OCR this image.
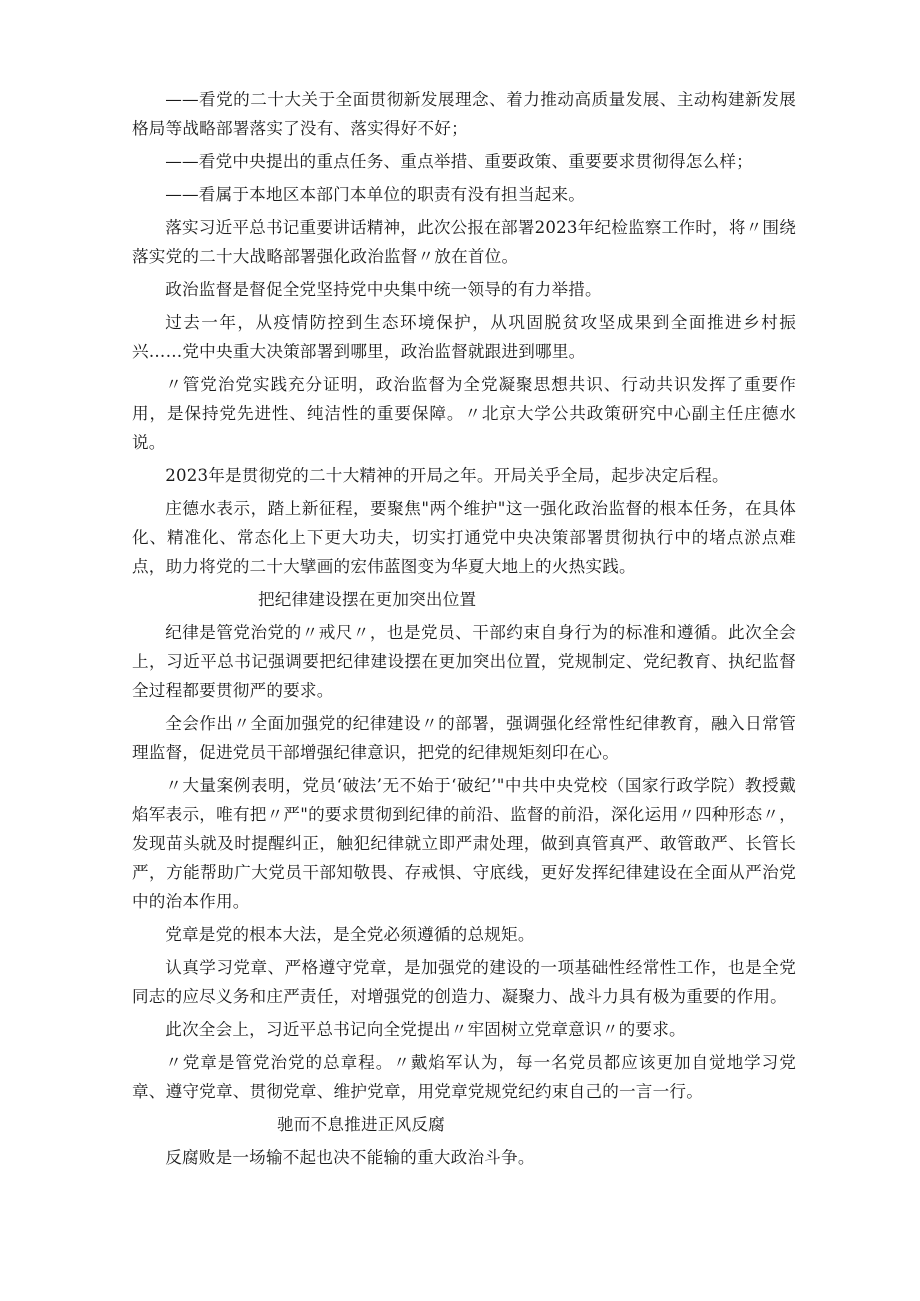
——看党的二十大关于全面贯彻新发展理念、着力推动高质量发展、主动构建新发展格局等战略部署落实了没有、落实得好不好；

——看党中央提出的重点任务、重点举措、重要政策、重要要求贯彻得怎么样；

——看属于本地区本部门本单位的职责有没有担当起来。

落实习近平总书记重要讲话精神，此次公报在部署2023年纪检监察工作时，将〃围绕落实党的二十大战略部署强化政治监督〃放在首位。

政治监督是督促全党坚持党中央集中统一领导的有力举措。

过去一年，从疫情防控到生态环境保护，从巩固脱贫攻坚成果到全面推进乡村振兴……党中央重大决策部署到哪里，政治监督就跟进到哪里。

〃管党治党实践充分证明，政治监督为全党凝聚思想共识、行动共识发挥了重要作用，是保持党先进性、纯洁性的重要保障。〃北京大学公共政策研究中心副主任庄德水说。

2023年是贯彻党的二十大精神的开局之年。开局关乎全局，起步决定后程。

庄德水表示，踏上新征程，要聚焦"两个维护"这一强化政治监督的根本任务，在具体化、精准化、常态化上下更大功夫，切实打通党中央决策部署贯彻执行中的堵点淤点难点，助力将党的二十大擘画的宏伟蓝图变为华夏大地上的火热实践。

把纪律建设摆在更加突出位置

纪律是管党治党的〃戒尺〃，也是党员、干部约束自身行为的标准和遵循。此次全会上，习近平总书记强调要把纪律建设摆在更加突出位置，党规制定、党纪教育、执纪监督全过程都要贯彻严的要求。

全会作出〃全面加强党的纪律建设〃的部署，强调强化经常性纪律教育，融入日常管理监督，促进党员干部增强纪律意识，把党的纪律规矩刻印在心。

〃大量案例表明，党员‘破法’无不始于‘破纪’"中共中央党校（国家行政学院）教授戴焰军表示，唯有把〃严"的要求贯彻到纪律的前沿、监督的前沿，深化运用〃四种形态〃，发现苗头就及时提醒纠正，触犯纪律就立即严肃处理，做到真管真严、敢管敢严、长管长严，方能帮助广大党员干部知敬畏、存戒惧、守底线，更好发挥纪律建设在全面从严治党中的治本作用。

党章是党的根本大法，是全党必须遵循的总规矩。

认真学习党章、严格遵守党章，是加强党的建设的一项基础性经常性工作，也是全党同志的应尽义务和庄严责任，对增强党的创造力、凝聚力、战斗力具有极为重要的作用。

此次全会上，习近平总书记向全党提出〃牢固树立党章意识〃的要求。

〃党章是管党治党的总章程。〃戴焰军认为，每一名党员都应该更加自觉地学习党章、遵守党章、贯彻党章、维护党章，用党章党规党纪约束自己的一言一行。

驰而不息推进正风反腐

反腐败是一场输不起也决不能输的重大政治斗争。
